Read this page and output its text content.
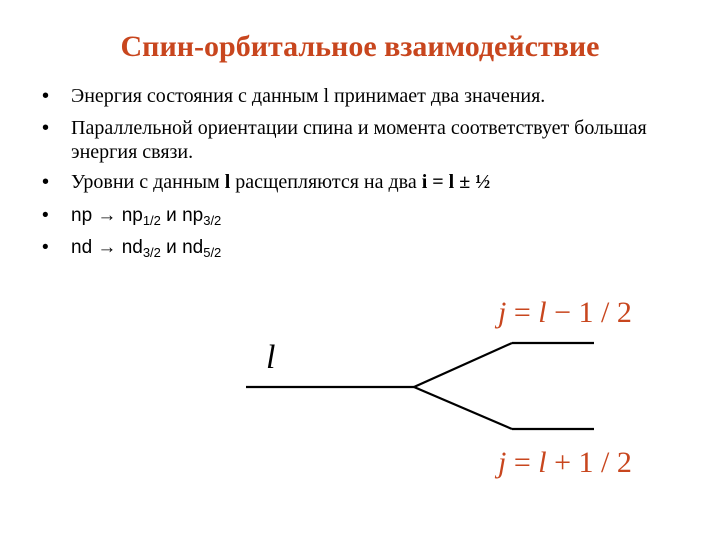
Спин-орбитальное взаимодействие
• Энергия состояния с данным l принимает два значения.
• Параллельной ориентации спина и момента соответствует большая энергия связи.
• Уровни с данным l расщепляются на два i = l ± ½
• np → $np_{1/2}$ и $np_{3/2}$
• nd → $nd_{3/2}$ и $nd_{5/2}$
l
j = l − 1 / 2
j = l + 1 / 2
